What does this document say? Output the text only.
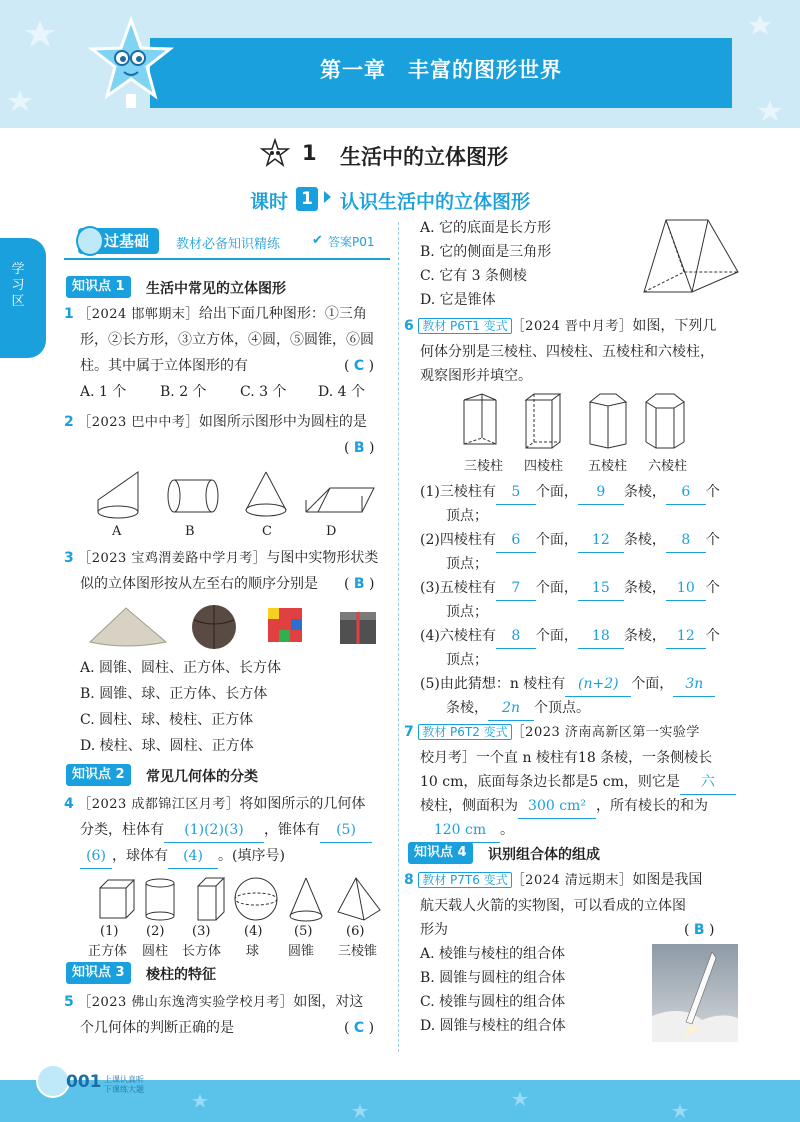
第一章　丰富的图形世界
学习区
1 生活中的立体图形
课时 1 认识生活中的立体图形
过基础	教材必备知识精练 ✔ 答案P01
知识点 1	生活中常见的立体图形
1 ［2024 邯郸期末］给出下面几种图形：①三角
形，②长方形，③立方体，④圆，⑤圆锥，⑥圆
柱。其中属于立体图形的有	( C )
A. 1 个 B. 2 个 C. 3 个 D. 4 个
2 ［2023 巴中中考］如图所示图形中为圆柱的是
( B )
A	B	C	D
3 ［2023 宝鸡渭姜路中学月考］与图中实物形状类
似的立体图形按从左至右的顺序分别是 ( B )
A. 圆锥、圆柱、正方体、长方体
B. 圆锥、球、正方体、长方体
C. 圆柱、球、棱柱、正方体
D. 棱柱、球、圆柱、正方体
知识点 2	常见几何体的分类
4 ［2023 成都锦江区月考］将如图所示的几何体
分类，柱体有 (1)(2)(3) ，锥体有 (5)
(6) ，球体有 (4) 。(填序号)
(1) (2) (3)	(4) (5)	(6)
正方体 圆柱 长方体 球 圆锥 三棱锥
知识点 3	棱柱的特征
5 ［2023 佛山东逸湾实验学校月考］如图，对这
个几何体的判断正确的是	( C )
A. 它的底面是长方形
B. 它的侧面是三角形
C. 它有 3 条侧棱
D. 它是锥体
6 教材 P6T1 变式 ［2024 晋中月考］如图，下列几
何体分别是三棱柱、四棱柱、五棱柱和六棱柱，
观察图形并填空。
三棱柱 四棱柱 五棱柱 六棱柱
(1)三棱柱有 5 个面， 9 条棱， 6 个
顶点；
(2)四棱柱有 6 个面， 12 条棱， 8 个
顶点；
(3)五棱柱有 7 个面， 15 条棱， 10 个
顶点；
(4)六棱柱有 8 个面， 18 条棱， 12 个
顶点；
(5)由此猜想：n 棱柱有 (n+2) 个面， 3n
条棱， 2n 个顶点。
7 教材 P6T2 变式 ［2023 济南高新区第一实验学
校月考］一个直 n 棱柱有18 条棱，一条侧棱长
10 cm，底面每条边长都是5 cm，则它是 六
棱柱，侧面积为 300 cm² ，所有棱长的和为
120 cm 。
知识点 4	识别组合体的组成
8 教材 P7T6 变式 ［2024 清远期末］如图是我国
航天载人火箭的实物图，可以看成的立体图
形为	( B )
A. 棱锥与棱柱的组合体
B. 圆锥与圆柱的组合体
C. 棱锥与圆柱的组合体
D. 圆锥与棱柱的组合体
001 上课认真听
下课练大题
